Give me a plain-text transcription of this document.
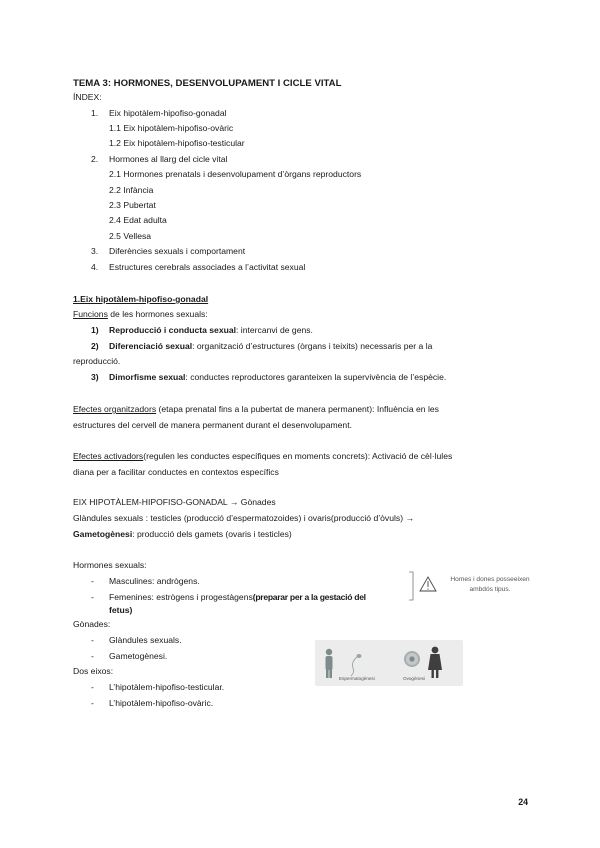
TEMA 3: HORMONES, DESENVOLUPAMENT I CICLE VITAL
ÍNDEX:
1. Eix hipotàlem-hipofiso-gonadal
1.1 Eix hipotàlem-hipofiso-ovàric
1.2 Eix hipotàlem-hipofiso-testicular
2. Hormones al llarg del cicle vital
2.1 Hormones prenatals i desenvolupament d’òrgans reproductors
2.2 Infància
2.3 Pubertat
2.4 Edat adulta
2.5 Vellesa
3. Diferències sexuals i comportament
4. Estructures cerebrals associades a l’activitat sexual
1.Eix hipotàlem-hipofiso-gonadal
Funcions de les hormones sexuals:
1) Reproducció i conducta sexual: intercanvi de gens.
2) Diferenciació sexual: organització d’estructures (òrgans i teixits) necessaris per a la
reproducció.
3) Dimorfisme sexual: conductes reproductores garanteixen la supervivència de l’espècie.
Efectes organitzadors (etapa prenatal fins a la pubertat de manera permanent): Influència en les
estructures del cervell de manera permanent durant el desenvolupament.
Efectes activadors(regulen les conductes específiques en moments concrets): Activació de cèl·lules
diana per a facilitar conductes en contextos específics
EIX HIPOTÀLEM-HIPOFISO-GONADAL → Gònades
Glàndules sexuals : testicles (producció d’espermatozoides) i ovaris(producció d’òvuls) →
Gametogènesi: producció dels gamets (ovaris i testicles)
Hormones sexuals:
- Masculines: andrògens.
- Femenines: estrògens i progestàgens(preparar per a la gestació del
fetus)
Homes i dones posseeixen ambdós tipus.
Gònades:
- Glàndules sexuals.
- Gametogènesi.
Dos eixos:
- L’hipotàlem-hipofiso-testicular.
- L’hipotàlem-hipofiso-ovàric.
Espermatogènesi	Ovogènesi
24
